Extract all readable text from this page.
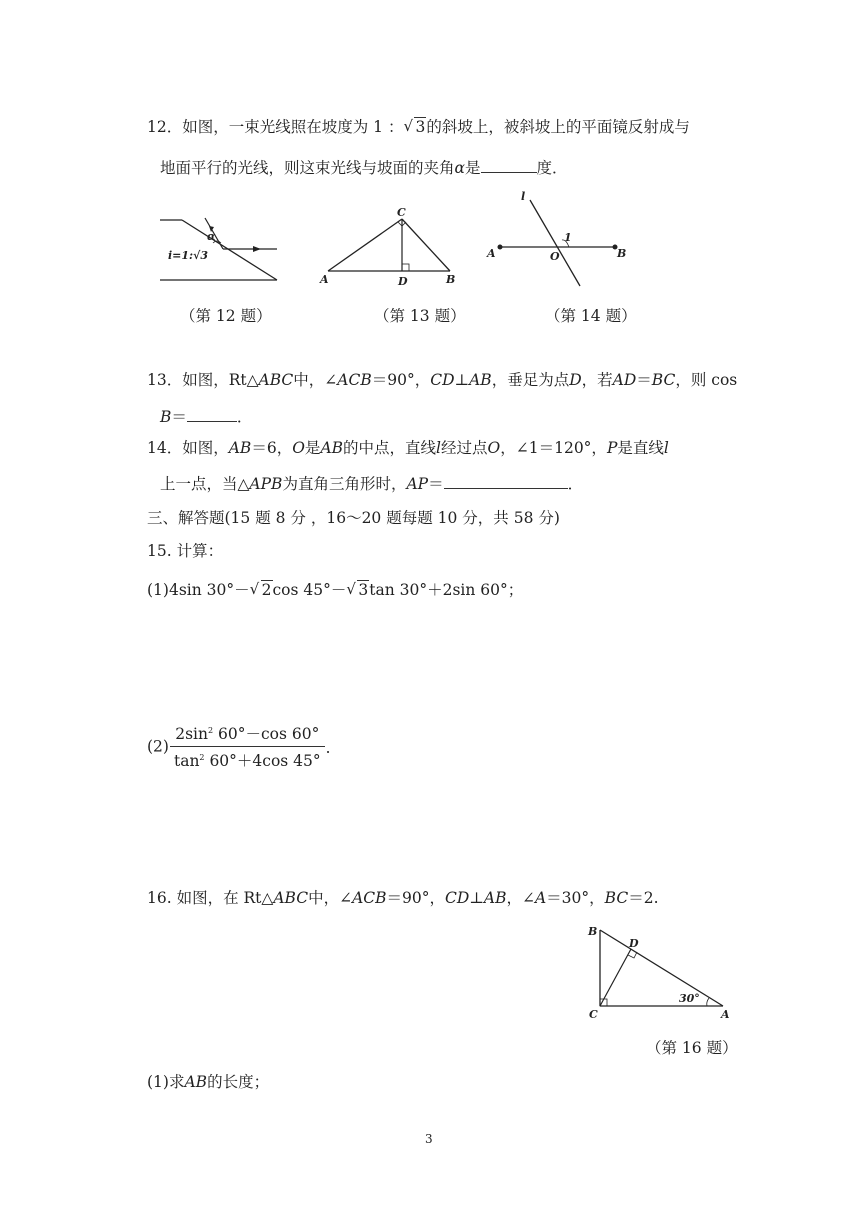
12．如图，一束光线照在坡度为 1 ： √ 3的斜坡上，被斜坡上的平面镜反射成与
地面平行的光线，则这束光线与坡面的夹角α是	度．
α
i=1:√3
（第 12 题）
C
A	D	B
（第 13 题）
l
1
A	O	B
（第 14 题）
13．如图，Rt△ABC中，∠ACB＝90°，CD⊥AB，垂足为点D，若AD＝BC，则 cos
B＝	．
14．如图，AB＝6，O是AB的中点，直线l经过点O，∠1＝120°，P是直线l
上一点，当△APB为直角三角形时，AP＝	．
三、解答题(15 题 8 分 ，16～20 题每题 10 分，共 58 分)
15. 计算：
(1)4sin 30°－ √ 2cos 45°－ √ 3tan 30°＋2sin 60°；
$(2) \frac{2\sin^2 60^\circ-\cos 60^\circ}{\tan^2 60^\circ+4\cos 45^\circ}$ ．
16. 如图，在 Rt△ABC中，∠ACB＝90°，CD⊥AB，∠A＝30°，BC＝2.
B
D
30°
C	A
（第 16 题）
(1)求AB的长度；
3
